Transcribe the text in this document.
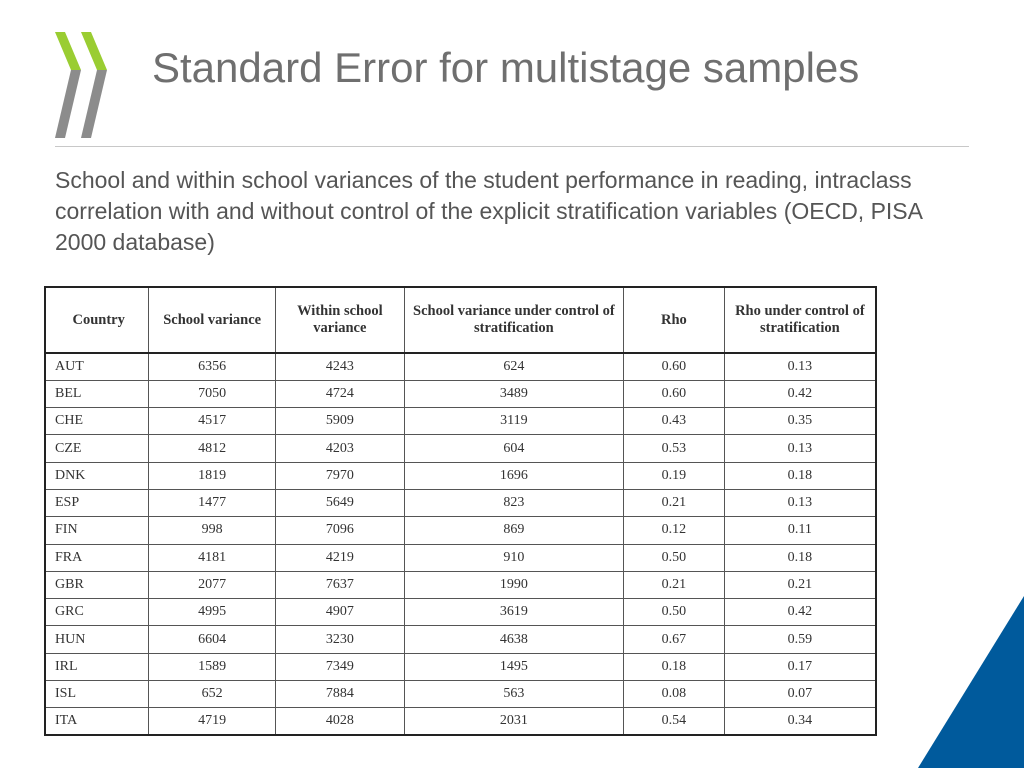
Standard Error for multistage samples
School and within school variances of the student performance in reading, intraclass correlation with and without control of the explicit stratification variables (OECD, PISA 2000 database)
Country	School variance	Within school variance	School variance under control of stratification	Rho	Rho under control of stratification
AUT	6356	4243	624	0.60	0.13
BEL	7050	4724	3489	0.60	0.42
CHE	4517	5909	3119	0.43	0.35
CZE	4812	4203	604	0.53	0.13
DNK	1819	7970	1696	0.19	0.18
ESP	1477	5649	823	0.21	0.13
FIN	998	7096	869	0.12	0.11
FRA	4181	4219	910	0.50	0.18
GBR	2077	7637	1990	0.21	0.21
GRC	4995	4907	3619	0.50	0.42
HUN	6604	3230	4638	0.67	0.59
IRL	1589	7349	1495	0.18	0.17
ISL	652	7884	563	0.08	0.07
ITA	4719	4028	2031	0.54	0.34
